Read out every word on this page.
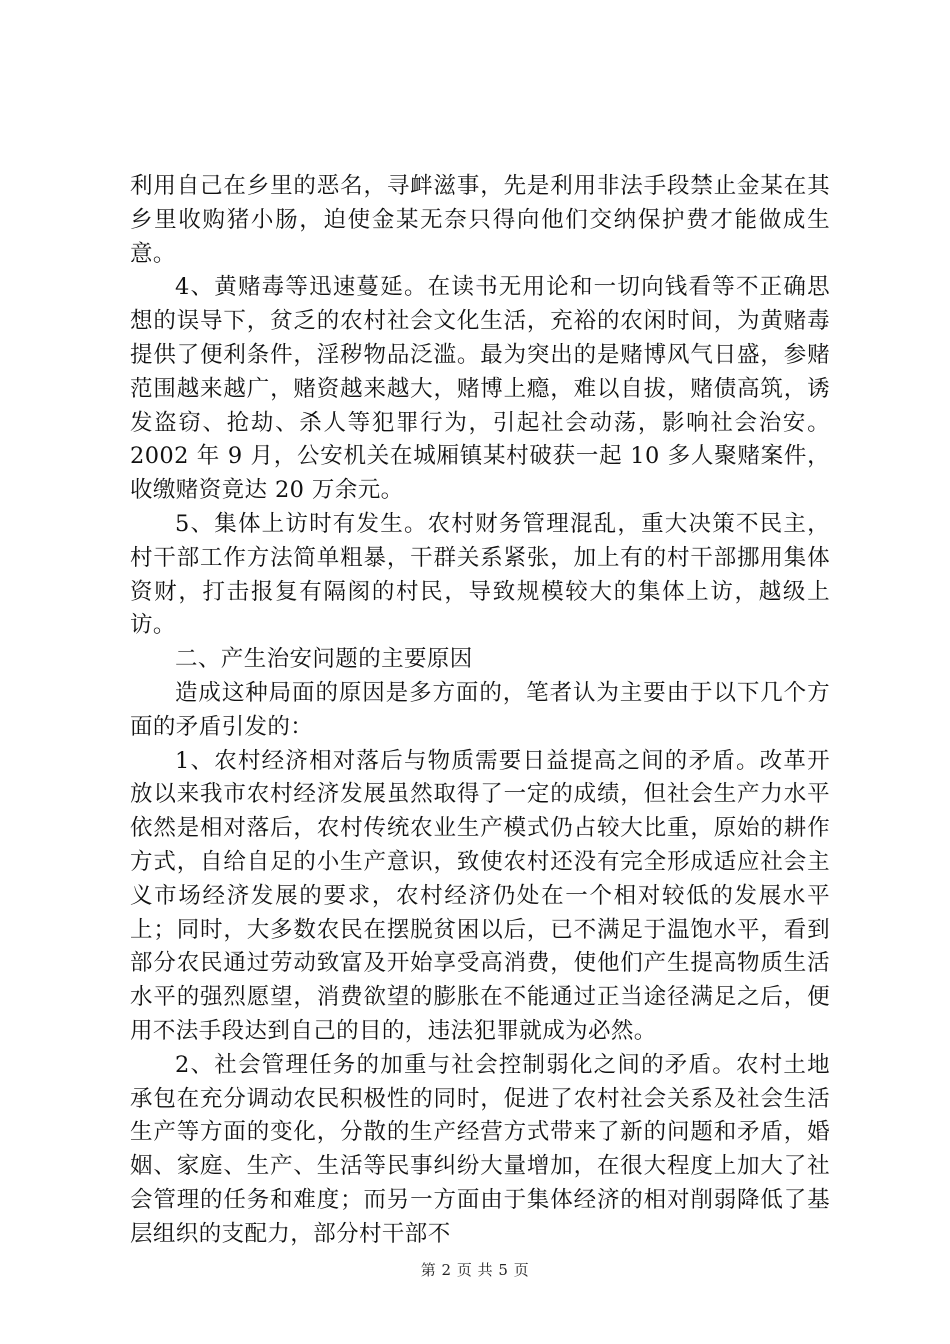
利用自己在乡里的恶名，寻衅滋事，先是利用非法手段禁止金某在其乡里收购猪小肠，迫使金某无奈只得向他们交纳保护费才能做成生意。

4、黄赌毒等迅速蔓延。在读书无用论和一切向钱看等不正确思想的误导下，贫乏的农村社会文化生活，充裕的农闲时间，为黄赌毒提供了便利条件，淫秽物品泛滥。最为突出的是赌博风气日盛，参赌范围越来越广，赌资越来越大，赌博上瘾，难以自拔，赌债高筑，诱发盗窃、抢劫、杀人等犯罪行为，引起社会动荡，影响社会治安。2002 年 9 月，公安机关在城厢镇某村破获一起 10 多人聚赌案件，收缴赌资竟达 20 万余元。

5、集体上访时有发生。农村财务管理混乱，重大决策不民主，村干部工作方法简单粗暴，干群关系紧张，加上有的村干部挪用集体资财，打击报复有隔阂的村民，导致规模较大的集体上访，越级上访。

二、产生治安问题的主要原因

造成这种局面的原因是多方面的，笔者认为主要由于以下几个方面的矛盾引发的：

1、农村经济相对落后与物质需要日益提高之间的矛盾。改革开放以来我市农村经济发展虽然取得了一定的成绩，但社会生产力水平依然是相对落后，农村传统农业生产模式仍占较大比重，原始的耕作方式，自给自足的小生产意识，致使农村还没有完全形成适应社会主义市场经济发展的要求，农村经济仍处在一个相对较低的发展水平上；同时，大多数农民在摆脱贫困以后，已不满足于温饱水平，看到部分农民通过劳动致富及开始享受高消费，使他们产生提高物质生活水平的强烈愿望，消费欲望的膨胀在不能通过正当途径满足之后，便用不法手段达到自己的目的，违法犯罪就成为必然。

2、社会管理任务的加重与社会控制弱化之间的矛盾。农村土地承包在充分调动农民积极性的同时，促进了农村社会关系及社会生活生产等方面的变化，分散的生产经营方式带来了新的问题和矛盾，婚姻、家庭、生产、生活等民事纠纷大量增加，在很大程度上加大了社会管理的任务和难度；而另一方面由于集体经济的相对削弱降低了基层组织的支配力，部分村干部不

第 2 页 共 5 页
